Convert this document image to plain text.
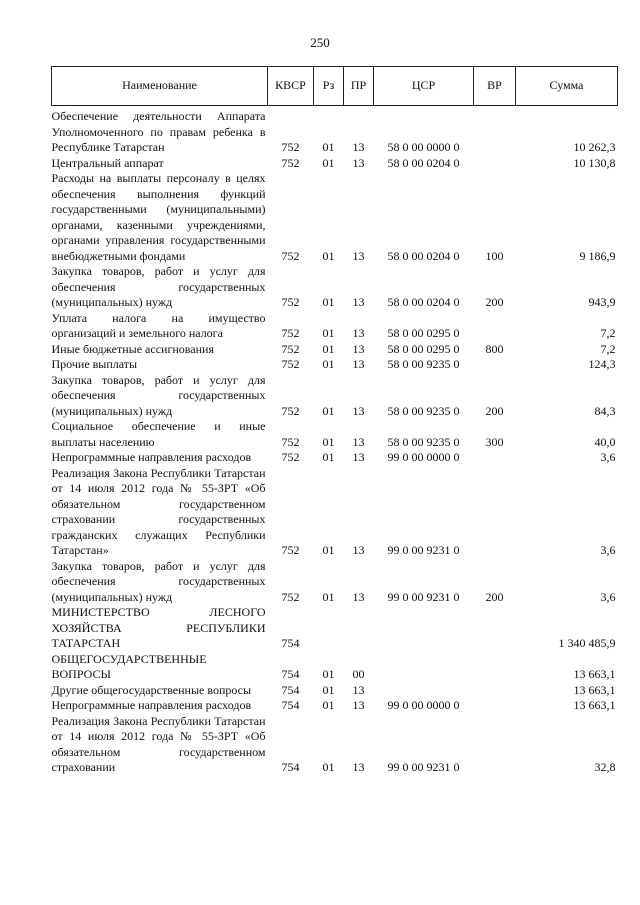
250
Наименование	КВСР	Рз	ПР	ЦСР	ВР	Сумма
Обеспечение деятельности Аппарата Уполномоченного по правам ребенка в Республике Татарстан	752	01	13	58 0 00 0000 0		10 262,3
Центральный аппарат	752	01	13	58 0 00 0204 0		10 130,8
Расходы на выплаты персоналу в целях обеспечения выполнения функций государственными (муниципальными) органами, казенными учреждениями, органами управления государственными внебюджетными фондами	752	01	13	58 0 00 0204 0	100	9 186,9
Закупка товаров, работ и услуг для обеспечения государственных (муниципальных) нужд	752	01	13	58 0 00 0204 0	200	943,9
Уплата налога на имущество организаций и земельного налога	752	01	13	58 0 00 0295 0		7,2
Иные бюджетные ассигнования	752	01	13	58 0 00 0295 0	800	7,2
Прочие выплаты	752	01	13	58 0 00 9235 0		124,3
Закупка товаров, работ и услуг для обеспечения государственных (муниципальных) нужд	752	01	13	58 0 00 9235 0	200	84,3
Социальное обеспечение и иные выплаты населению	752	01	13	58 0 00 9235 0	300	40,0
Непрограммные направления расходов	752	01	13	99 0 00 0000 0		3,6
Реализация Закона Республики Татарстан от 14 июля 2012 года № 55-ЗРТ «Об обязательном государственном страховании государственных гражданских служащих Республики Татарстан»	752	01	13	99 0 00 9231 0		3,6
Закупка товаров, работ и услуг для обеспечения государственных (муниципальных) нужд	752	01	13	99 0 00 9231 0	200	3,6
МИНИСТЕРСТВО ЛЕСНОГО ХОЗЯЙСТВА РЕСПУБЛИКИ ТАТАРСТАН	754					1 340 485,9
ОБЩЕГОСУДАРСТВЕННЫЕ ВОПРОСЫ	754	01	00			13 663,1
Другие общегосударственные вопросы	754	01	13			13 663,1
Непрограммные направления расходов	754	01	13	99 0 00 0000 0		13 663,1
Реализация Закона Республики Татарстан от 14 июля 2012 года № 55-ЗРТ «Об обязательном государственном страховании	754	01	13	99 0 00 9231 0		32,8
